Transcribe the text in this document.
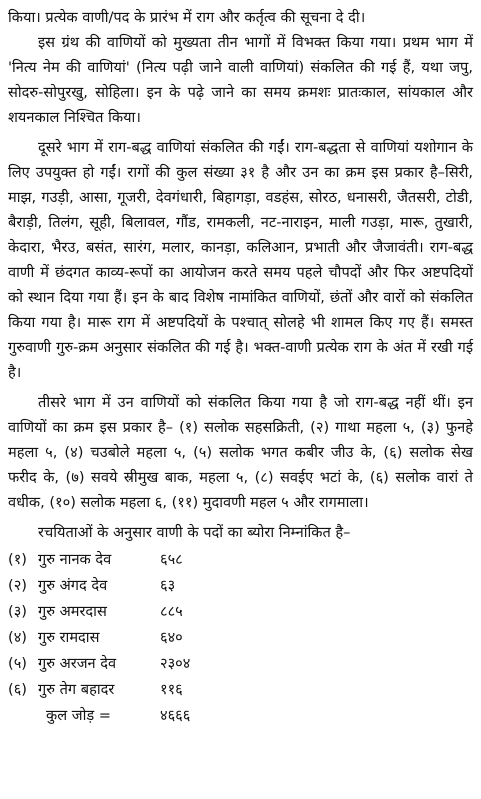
किया। प्रत्येक वाणी/पद के प्रारंभ में राग और कर्तृत्व की सूचना दे दी।

इस ग्रंथ की वाणियों को मुख्यता तीन भागों में विभक्त किया गया। प्रथम भाग में 'नित्य नेम की वाणियां' (नित्य पढ़ी जाने वाली वाणियां) संकलित की गई हैं, यथा जपु, सोदरु-सोपुरखु, सोहिला। इन के पढ़े जाने का समय क्रमशः प्रातःकाल, सांयकाल और शयनकाल निश्चित किया।

दूसरे भाग में राग-बद्ध वाणियां संकलित की गईं। राग-बद्धता से वाणियां यशोगान के लिए उपयुक्त हो गईं। रागों की कुल संख्या ३१ है और उन का क्रम इस प्रकार है–सिरी, माझ, गउड़ी, आसा, गूजरी, देवगंधारी, बिहागड़ा, वडहंस, सोरठ, धनासरी, जैतसरी, टोडी, बैराड़ी, तिलंग, सूही, बिलावल, गौंड, रामकली, नट-नाराइन, माली गउड़ा, मारू, तुखारी, केदारा, भैरउ, बसंत, सारंग, मलार, कानड़ा, कलिआन, प्रभाती और जैजावंती। राग-बद्ध वाणी में छंदगत काव्य-रूपों का आयोजन करते समय पहले चौपदों और फिर अष्टपदियों को स्थान दिया गया हैं। इन के बाद विशेष नामांकित वाणियों, छंतों और वारों को संकलित किया गया है। मारू राग में अष्टपदियों के पश्चात् सोलहे भी शामल किए गए हैं। समस्त गुरुवाणी गुरु-क्रम अनुसार संकलित की गई है। भक्त-वाणी प्रत्येक राग के अंत में रखी गई है।

तीसरे भाग में उन वाणियों को संकलित किया गया है जो राग-बद्ध नहीं थीं। इन वाणियों का क्रम इस प्रकार है– (१) सलोक सहसक्रिती, (२) गाथा महला ५, (३) फुनहे महला ५, (४) चउबोले महला ५, (५) सलोक भगत कबीर जीउ के, (६) सलोक सेख फरीद के, (७) सवये स्रीमुख बाक, महला ५, (८) सवईए भटां के, (६) सलोक वारां ते वधीक, (१०) सलोक महला ६, (११) मुदावणी महल ५ और रागमाला।

रचयिताओं के अनुसार वाणी के पदों का ब्योरा निम्नांकित है–

(१)	गुरु नानक देव	६५८
(२)	गुरु अंगद देव	६३
(३)	गुरु अमरदास	८८५
(४)	गुरु रामदास	६४०
(५)	गुरु अरजन देव	२३०४
(६)	गुरु तेग बहादर	११६
कुल जोड़ =		४६६६
